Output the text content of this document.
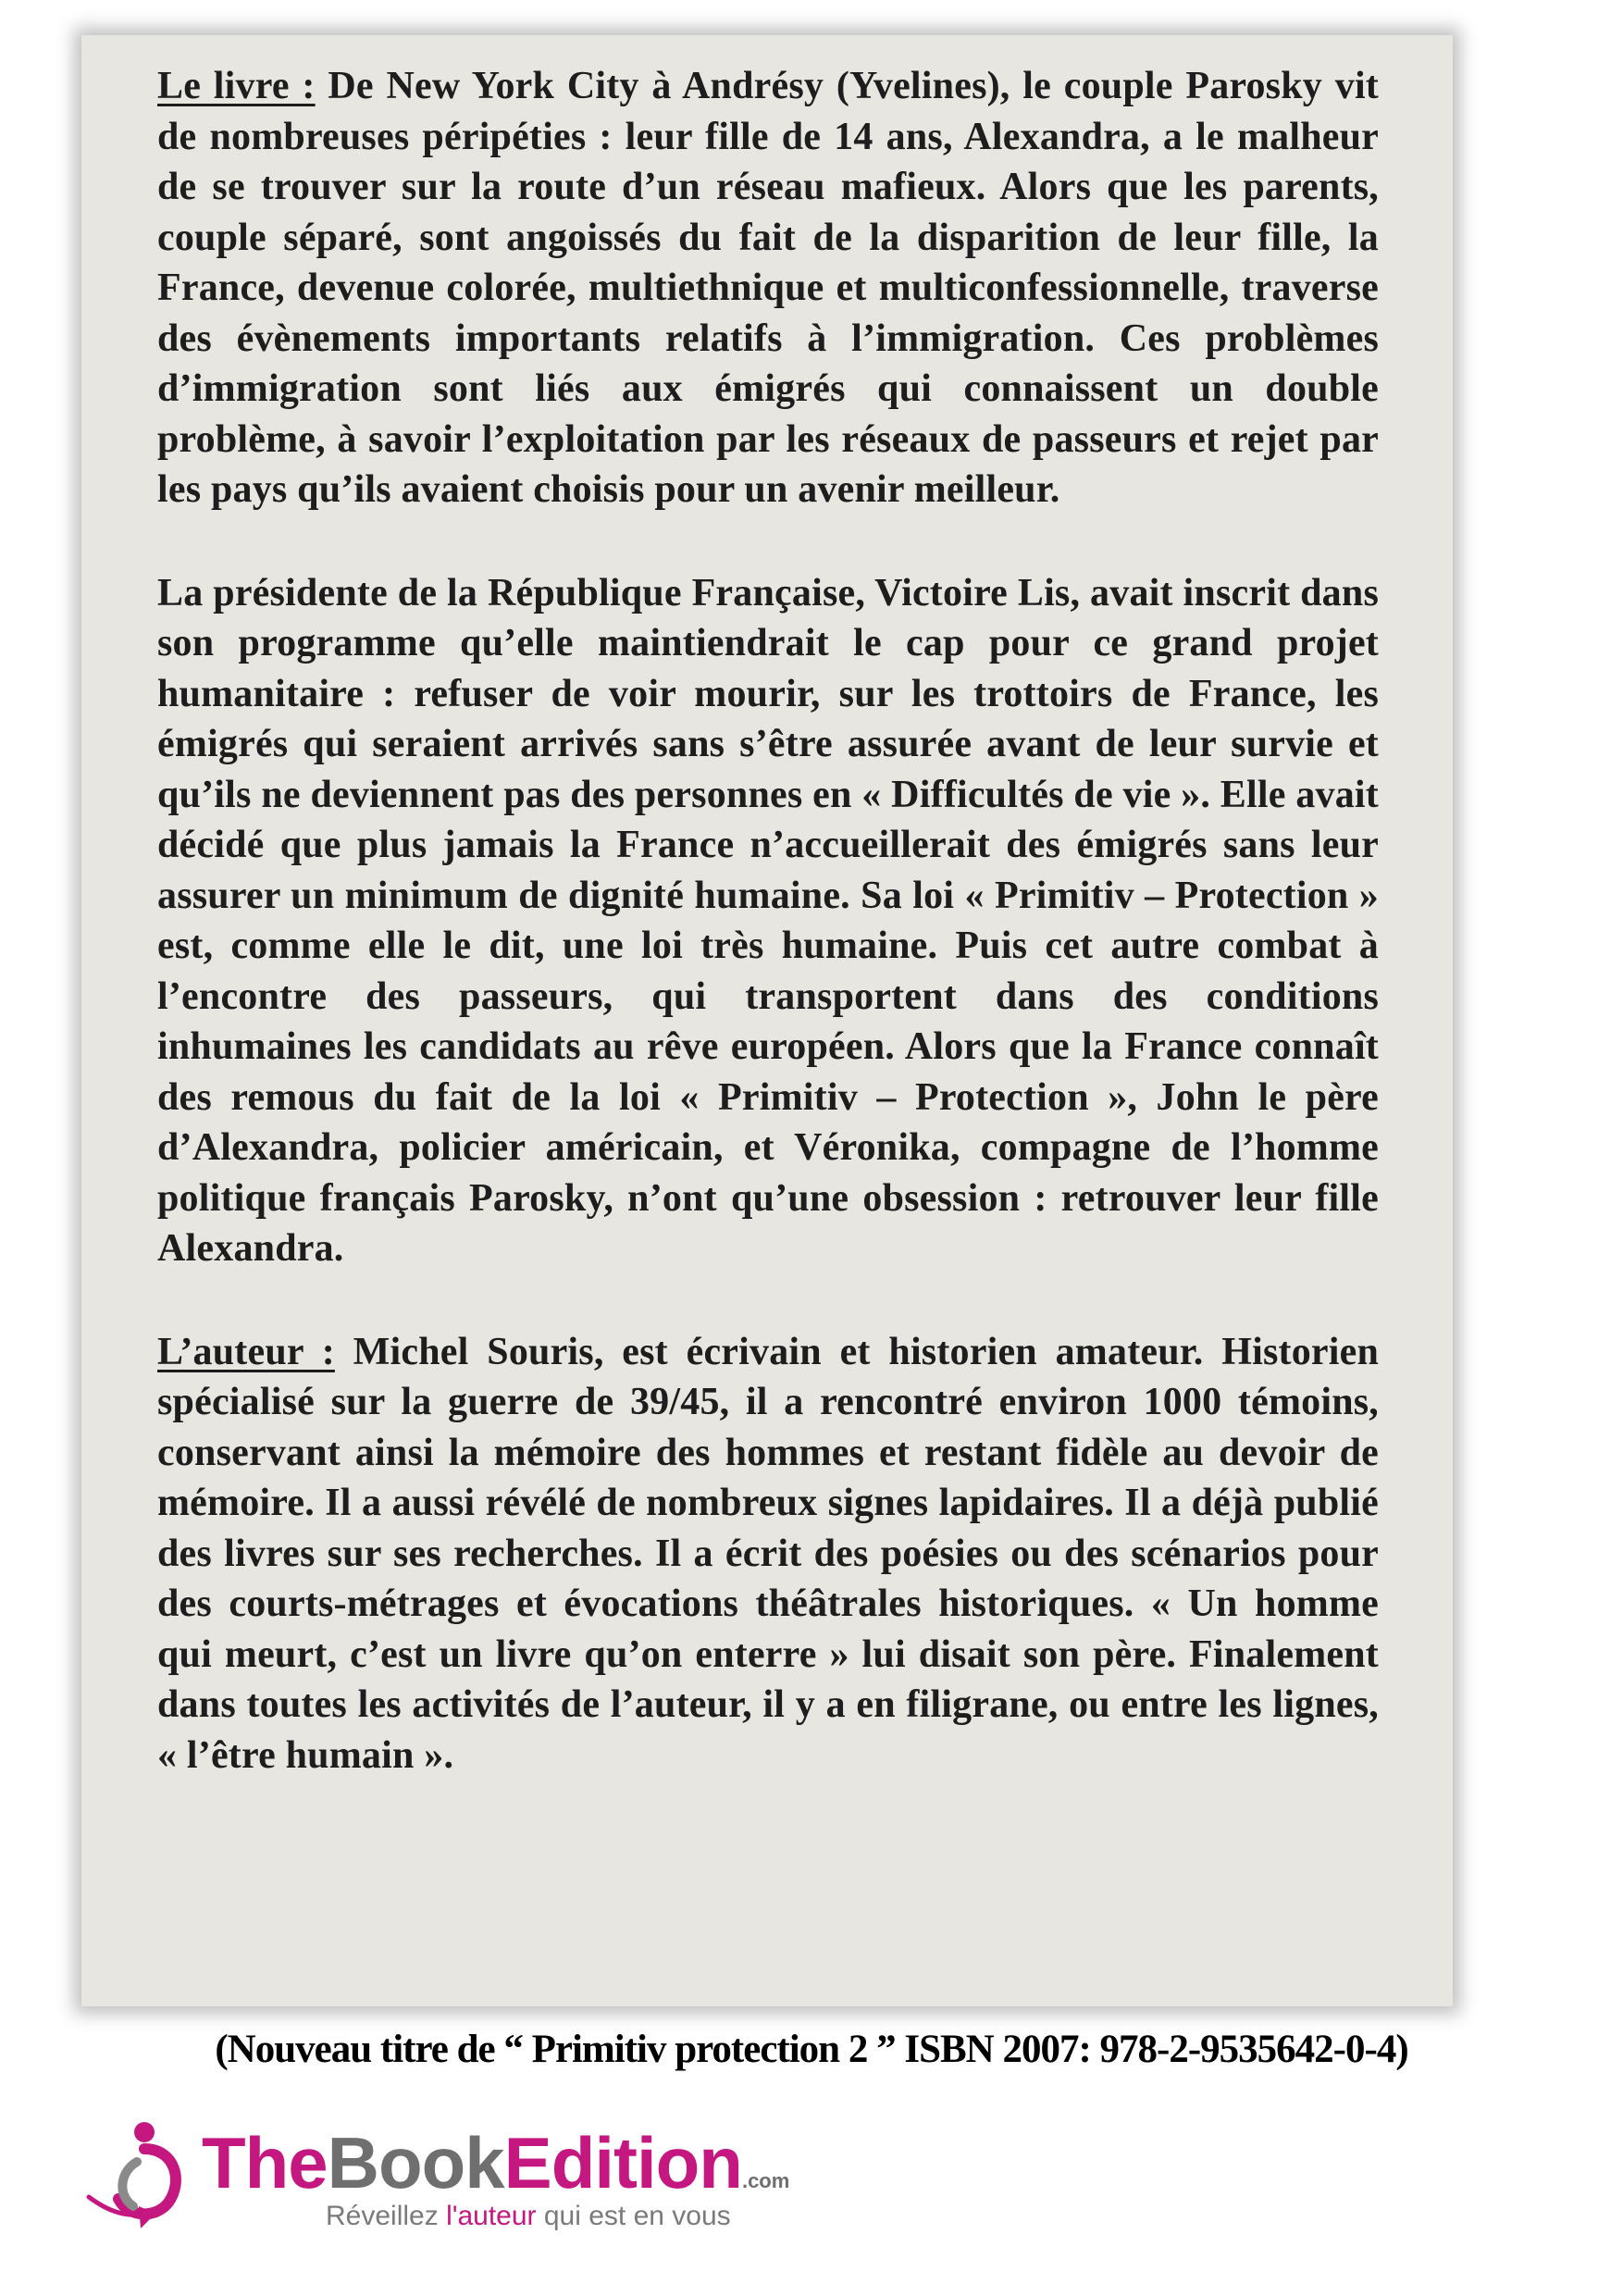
Le livre : De New York City à Andrésy (Yvelines), le couple Parosky vit de nombreuses péripéties : leur fille de 14 ans, Alexandra, a le malheur de se trouver sur la route d’un réseau mafieux. Alors que les parents, couple séparé, sont angoissés du fait de la disparition de leur fille, la France, devenue colorée, multiethnique et multiconfessionnelle, traverse des évènements importants relatifs à l’immigration. Ces problèmes d’immigration sont liés aux émigrés qui connaissent un double problème, à savoir l’exploitation par les réseaux de passeurs et rejet par les pays qu’ils avaient choisis pour un avenir meilleur.

La présidente de la République Française, Victoire Lis, avait inscrit dans son programme qu’elle maintiendrait le cap pour ce grand projet humanitaire : refuser de voir mourir, sur les trottoirs de France, les émigrés qui seraient arrivés sans s’être assurée avant de leur survie et qu’ils ne deviennent pas des personnes en « Difficultés de vie ». Elle avait décidé que plus jamais la France n’accueillerait des émigrés sans leur assurer un minimum de dignité humaine. Sa loi « Primitiv – Protection » est, comme elle le dit, une loi très humaine. Puis cet autre combat à l’encontre des passeurs, qui transportent dans des conditions inhumaines les candidats au rêve européen. Alors que la France connaît des remous du fait de la loi « Primitiv – Protection », John le père d’Alexandra, policier américain, et Véronika, compagne de l’homme politique français Parosky, n’ont qu’une obsession : retrouver leur fille Alexandra.

L’auteur : Michel Souris, est écrivain et historien amateur. Historien spécialisé sur la guerre de 39/45, il a rencontré environ 1000 témoins, conservant ainsi la mémoire des hommes et restant fidèle au devoir de mémoire. Il a aussi révélé de nombreux signes lapidaires. Il a déjà publié des livres sur ses recherches. Il a écrit des poésies ou des scénarios pour des courts-métrages et évocations théâtrales historiques. « Un homme qui meurt, c’est un livre qu’on enterre » lui disait son père. Finalement dans toutes les activités de l’auteur, il y a en filigrane, ou entre les lignes, « l’être humain ».

(Nouveau titre de “ Primitiv protection 2 ” ISBN 2007: 978-2-9535642-0-4)
TheBookEdition.com
Réveillez l'auteur qui est en vous
